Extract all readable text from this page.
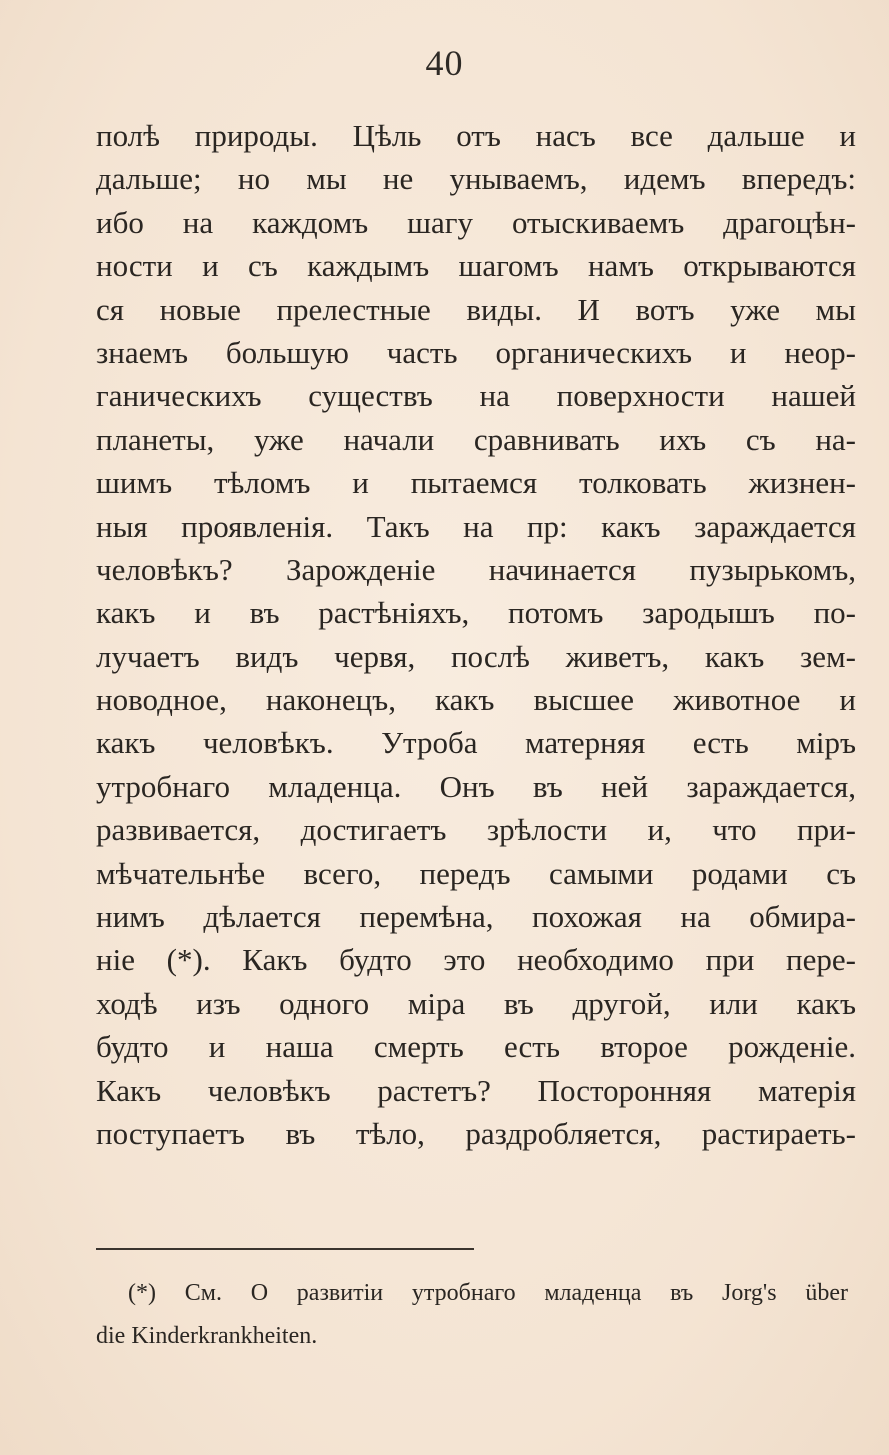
40
полѣ природы. Цѣль отъ насъ все дальше и
дальше; но мы не унываемъ, идемъ впередъ:
ибо на каждомъ шагу отыскиваемъ драгоцѣн-
ности и съ каждымъ шагомъ намъ открываются
ся новые прелестные виды. И вотъ уже мы
знаемъ большую часть органическихъ и неор-
ганическихъ существъ на поверхности нашей
планеты, уже начали сравнивать ихъ съ на-
шимъ тѣломъ и пытаемся толковать жизнен-
ныя проявленія. Такъ на пр: какъ зараждается
человѣкъ? Зарожденіе начинается пузырькомъ,
какъ и въ растѣніяхъ, потомъ зародышъ по-
лучаетъ видъ червя, послѣ живетъ, какъ зем-
новодное, наконецъ, какъ высшее животное и
какъ человѣкъ. Утроба матерняя есть міръ
утробнаго младенца. Онъ въ ней зараждается,
развивается, достигаетъ зрѣлости и, что при-
мѣчательнѣе всего, передъ самыми родами съ
нимъ дѣлается перемѣна, похожая на обмира-
ніе (*). Какъ будто это необходимо при пере-
ходѣ изъ одного міра въ другой, или какъ
будто и наша смерть есть второе рожденіе.
Какъ человѣкъ растетъ? Посторонняя матерія
поступаетъ въ тѣло, раздробляется, растираеть-
(*) См. О развитіи утробнаго младенца въ Jorg's über
die Kinderkrankheiten.
